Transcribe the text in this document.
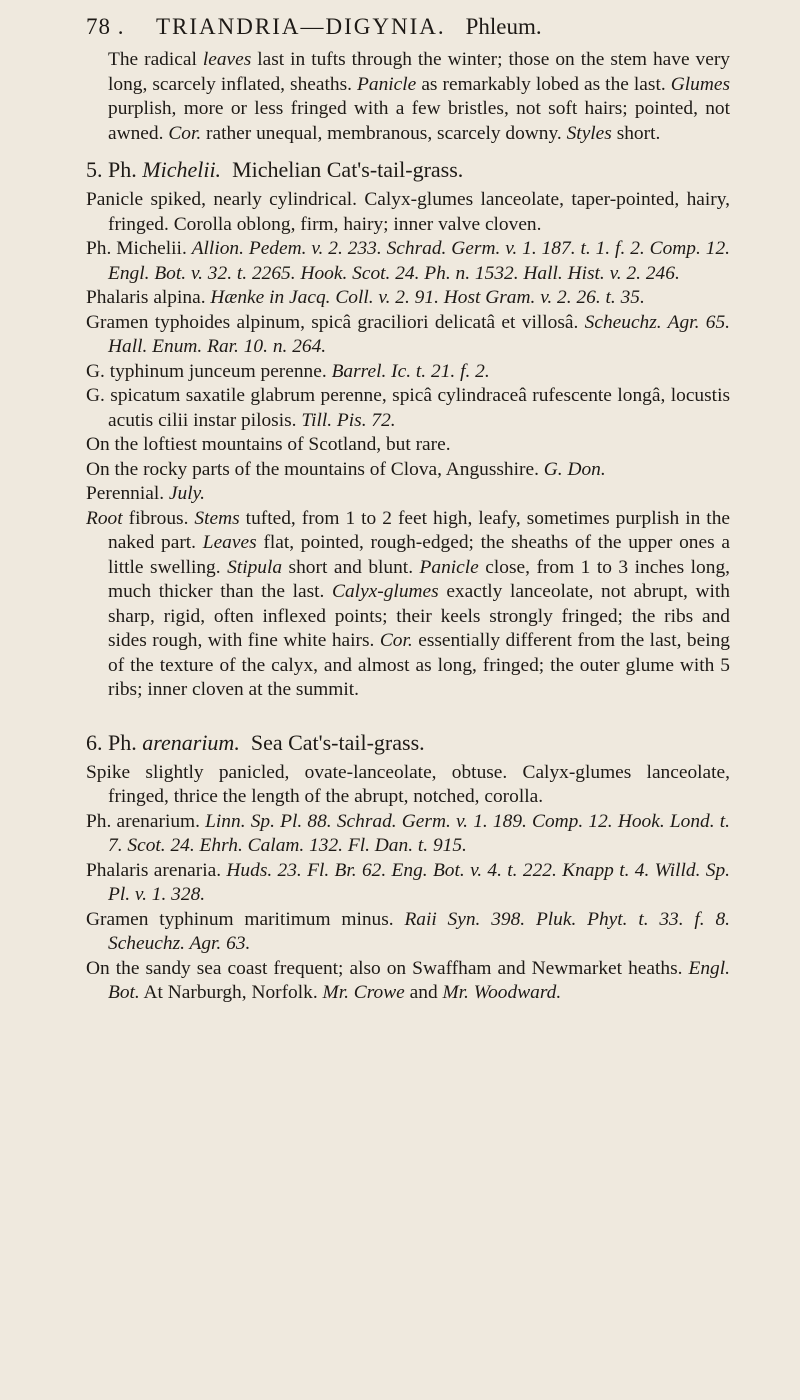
78 .	TRIANDRIA—DIGYNIA. Phleum.

The radical leaves last in tufts through the winter; those on the stem have very long, scarcely inflated, sheaths. Panicle as remarkably lobed as the last. Glumes purplish, more or less fringed with a few bristles, not soft hairs; pointed, not awned. Cor. rather unequal, membranous, scarcely downy. Styles short.

5. Ph. Michelii. Michelian Cat's-tail-grass.

Panicle spiked, nearly cylindrical. Calyx-glumes lanceolate, taper-pointed, hairy, fringed. Corolla oblong, firm, hairy; inner valve cloven.

Ph. Michelii. Allion. Pedem. v. 2. 233. Schrad. Germ. v. 1. 187. t. 1. f. 2. Comp. 12. Engl. Bot. v. 32. t. 2265. Hook. Scot. 24. Ph. n. 1532. Hall. Hist. v. 2. 246.

Phalaris alpina. Hænke in Jacq. Coll. v. 2. 91. Host Gram. v. 2. 26. t. 35.

Gramen typhoides alpinum, spicâ graciliori delicatâ et villosâ. Scheuchz. Agr. 65. Hall. Enum. Rar. 10. n. 264.

G. typhinum junceum perenne. Barrel. Ic. t. 21. f. 2.

G. spicatum saxatile glabrum perenne, spicâ cylindraceâ rufescente longâ, locustis acutis cilii instar pilosis. Till. Pis. 72.

On the loftiest mountains of Scotland, but rare.

On the rocky parts of the mountains of Clova, Angusshire. G. Don.

Perennial. July.

Root fibrous. Stems tufted, from 1 to 2 feet high, leafy, sometimes purplish in the naked part. Leaves flat, pointed, rough-edged; the sheaths of the upper ones a little swelling. Stipula short and blunt. Panicle close, from 1 to 3 inches long, much thicker than the last. Calyx-glumes exactly lanceolate, not abrupt, with sharp, rigid, often inflexed points; their keels strongly fringed; the ribs and sides rough, with fine white hairs. Cor. essentially different from the last, being of the texture of the calyx, and almost as long, fringed; the outer glume with 5 ribs; inner cloven at the summit.

6. Ph. arenarium. Sea Cat's-tail-grass.

Spike slightly panicled, ovate-lanceolate, obtuse. Calyx-glumes lanceolate, fringed, thrice the length of the abrupt, notched, corolla.

Ph. arenarium. Linn. Sp. Pl. 88. Schrad. Germ. v. 1. 189. Comp. 12. Hook. Lond. t. 7. Scot. 24. Ehrh. Calam. 132. Fl. Dan. t. 915.

Phalaris arenaria. Huds. 23. Fl. Br. 62. Eng. Bot. v. 4. t. 222. Knapp t. 4. Willd. Sp. Pl. v. 1. 328.

Gramen typhinum maritimum minus. Raii Syn. 398. Pluk. Phyt. t. 33. f. 8. Scheuchz. Agr. 63.

On the sandy sea coast frequent; also on Swaffham and Newmarket heaths. Engl. Bot. At Narburgh, Norfolk. Mr. Crowe and Mr. Woodward.
